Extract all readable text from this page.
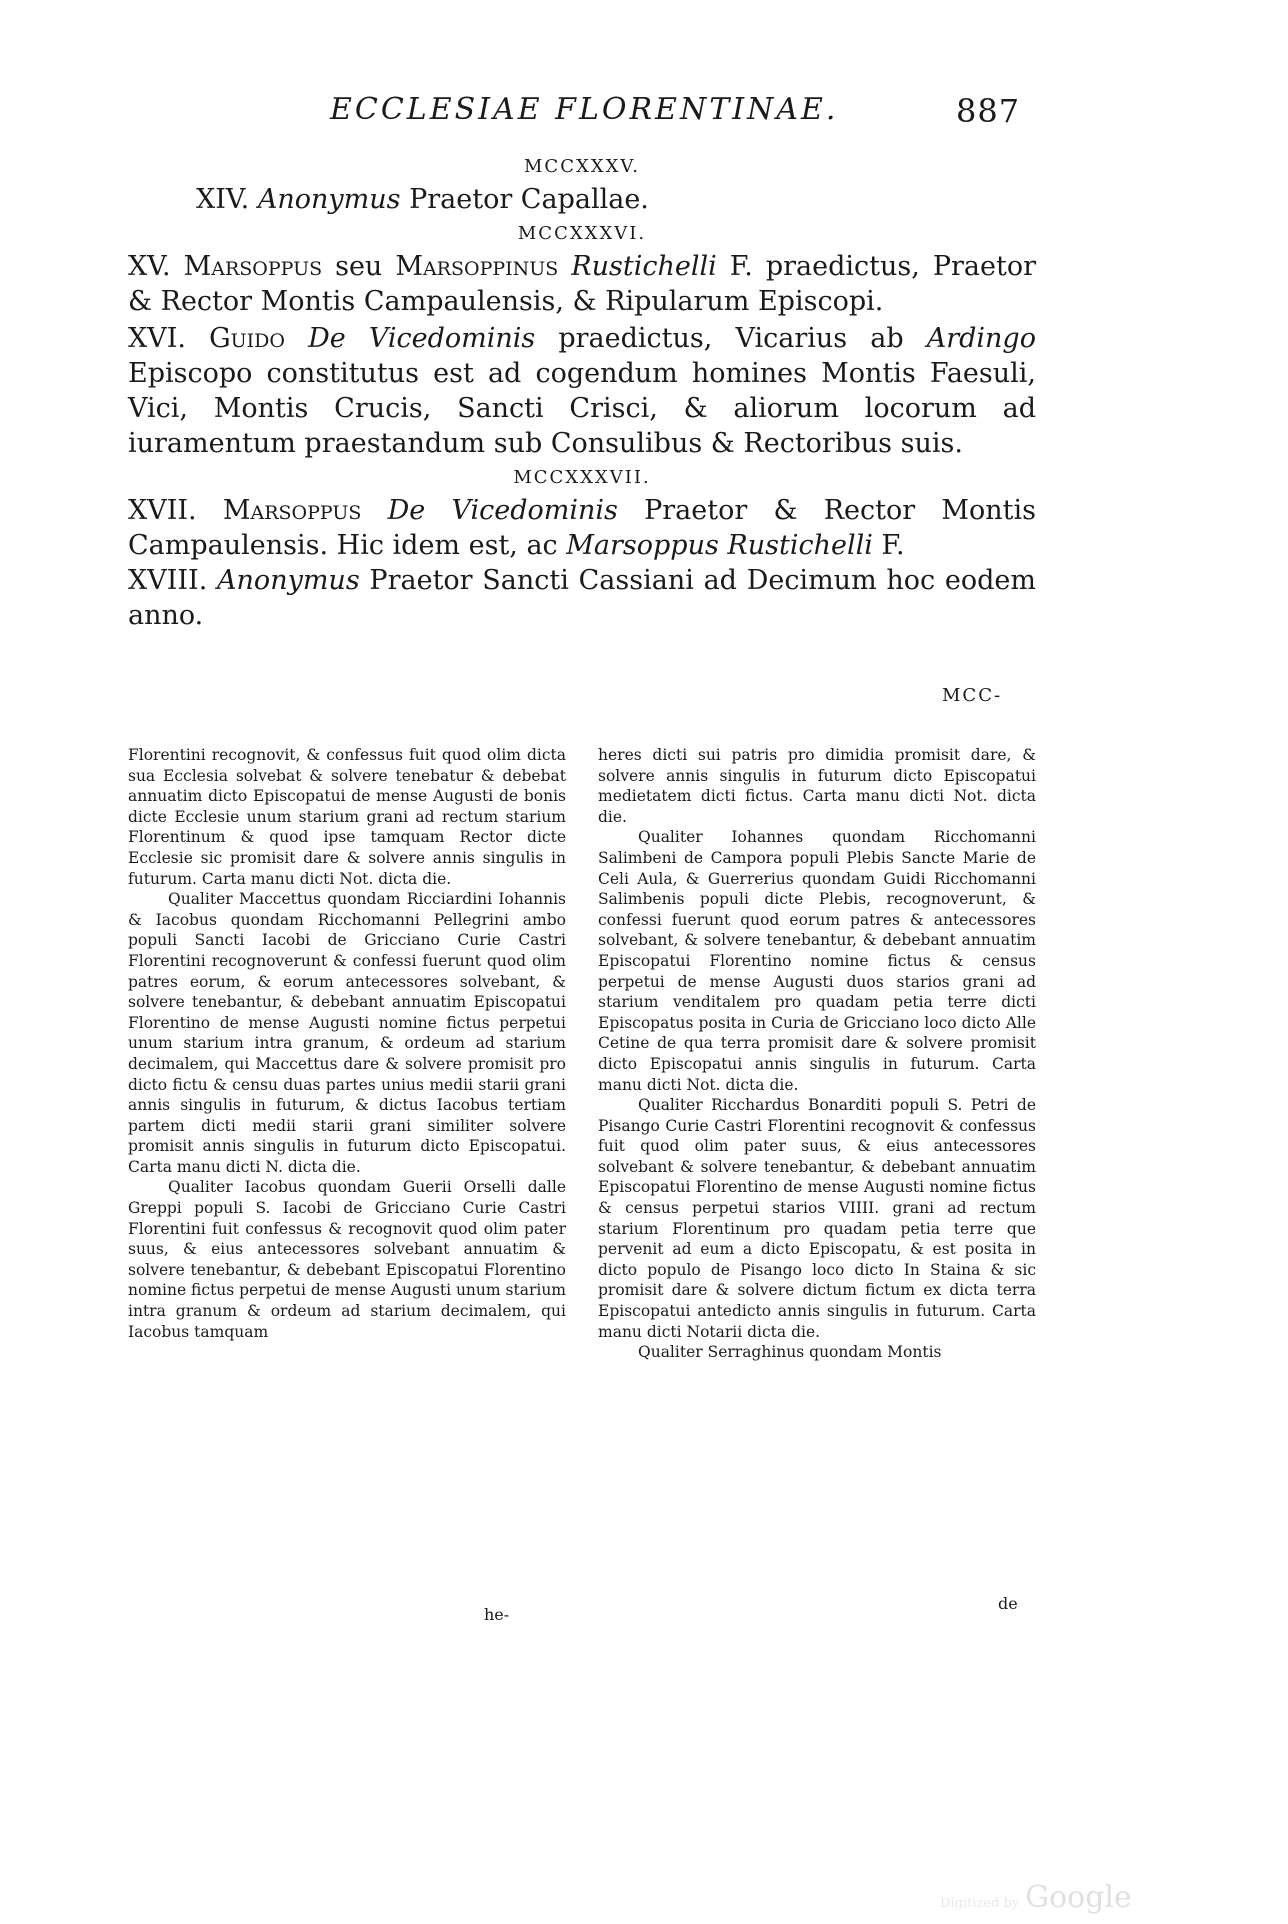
ECCLESIAE FLORENTINAE.	887
MCCXXXV.
XIV. Anonymus Praetor Capallae.
MCCXXXVI.
XV. Marsoppus seu Marsoppinus Rustichelli F. praedictus, Praetor & Rector Montis Campaulensis, & Ripularum Episcopi.
XVI. Guido De Vicedominis praedictus, Vicarius ab Ardingo Episcopo constitutus est ad cogendum homines Montis Faesuli, Vici, Montis Crucis, Sancti Crisci, & aliorum locorum ad iuramentum praestandum sub Consulibus & Rectoribus suis.
MCCXXXVII.
XVII. Marsoppus De Vicedominis Praetor & Rector Montis Campaulensis. Hic idem est, ac Marsoppus Rustichelli F.
XVIII. Anonymus Praetor Sancti Cassiani ad Decimum hoc eodem anno.
MCC-

Florentini recognovit, & confessus fuit quod olim dicta sua Ecclesia solvebat & solvere tenebatur & debebat annuatim dicto Episcopatui de mense Augusti de bonis dicte Ecclesie unum starium grani ad rectum starium Florentinum & quod ipse tamquam Rector dicte Ecclesie sic promisit dare & solvere annis singulis in futurum. Carta manu dicti Not. dicta die.

Qualiter Maccettus quondam Ricciardini Iohannis & Iacobus quondam Ricchomanni Pellegrini ambo populi Sancti Iacobi de Gricciano Curie Castri Florentini recognoverunt & confessi fuerunt quod olim patres eorum, & eorum antecessores solvebant, & solvere tenebantur, & debebant annuatim Episcopatui Florentino de mense Augusti nomine fictus perpetui unum starium intra granum, & ordeum ad starium decimalem, qui Maccettus dare & solvere promisit pro dicto fictu & censu duas partes unius medii starii grani annis singulis in futurum, & dictus Iacobus tertiam partem dicti medii starii grani similiter solvere promisit annis singulis in futurum dicto Episcopatui. Carta manu dicti N. dicta die.

Qualiter Iacobus quondam Guerii Orselli dalle Greppi populi S. Iacobi de Gricciano Curie Castri Florentini fuit confessus & recognovit quod olim pater suus, & eius antecessores solvebant annuatim & solvere tenebantur, & debebant Episcopatui Florentino nomine fictus perpetui de mense Augusti unum starium intra granum & ordeum ad starium decimalem, qui Iacobus tamquam

heres dicti sui patris pro dimidia promisit dare, & solvere annis singulis in futurum dicto Episcopatui medietatem dicti fictus. Carta manu dicti Not. dicta die.

Qualiter Iohannes quondam Ricchomanni Salimbeni de Campora populi Plebis Sancte Marie de Celi Aula, & Guerrerius quondam Guidi Ricchomanni Salimbenis populi dicte Plebis, recognoverunt, & confessi fuerunt quod eorum patres & antecessores solvebant, & solvere tenebantur, & debebant annuatim Episcopatui Florentino nomine fictus & census perpetui de mense Augusti duos starios grani ad starium venditalem pro quadam petia terre dicti Episcopatus posita in Curia de Gricciano loco dicto Alle Cetine de qua terra promisit dare & solvere promisit dicto Episcopatui annis singulis in futurum. Carta manu dicti Not. dicta die.

Qualiter Ricchardus Bonarditi populi S. Petri de Pisango Curie Castri Florentini recognovit & confessus fuit quod olim pater suus, & eius antecessores solvebant & solvere tenebantur, & debebant annuatim Episcopatui Florentino de mense Augusti nomine fictus & census perpetui starios VIIII. grani ad rectum starium Florentinum pro quadam petia terre que pervenit ad eum a dicto Episcopatu, & est posita in dicto populo de Pisango loco dicto In Staina & sic promisit dare & solvere dictum fictum ex dicta terra Episcopatui antedicto annis singulis in futurum. Carta manu dicti Notarii dicta die.

Qualiter Serraghinus quondam Montis

he-
de
Digitized by Google
